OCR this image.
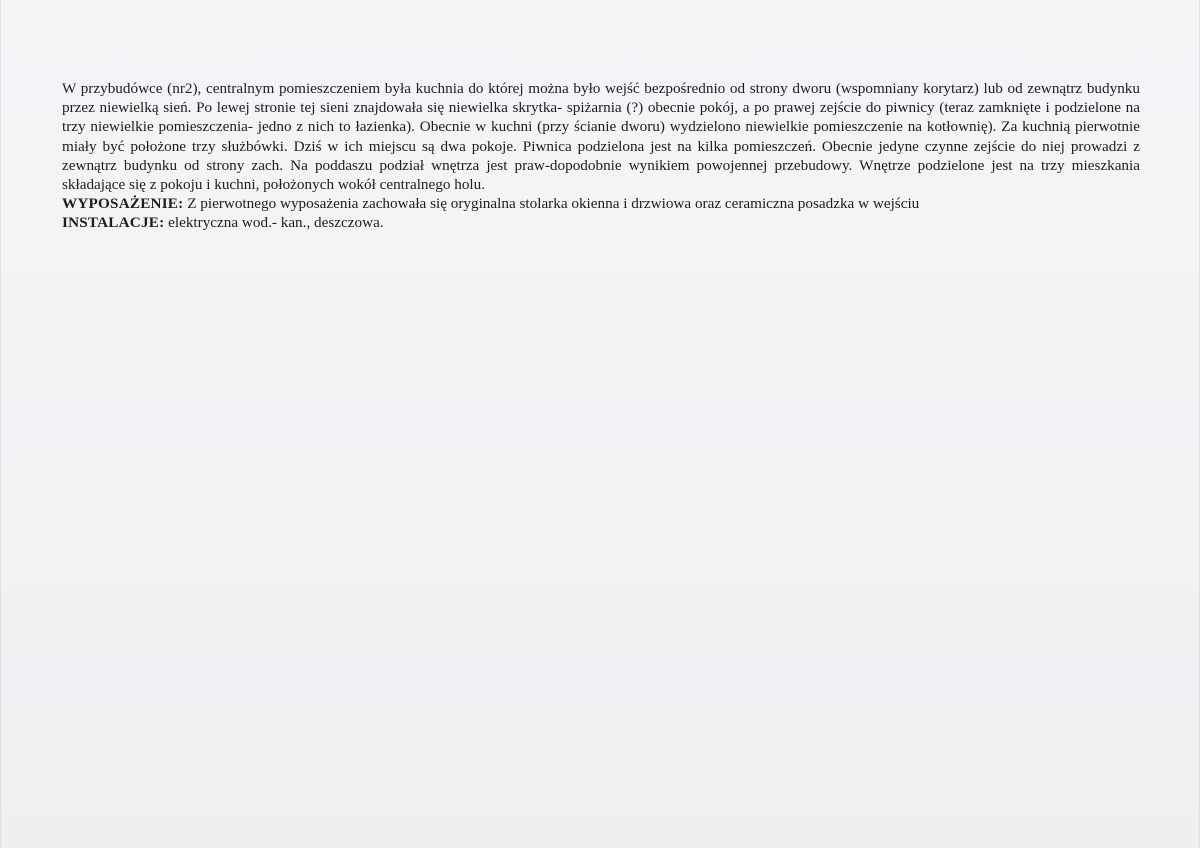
W przybudówce (nr2), centralnym pomieszczeniem była kuchnia do której można było wejść bezpośrednio od strony dworu (wspomniany korytarz) lub od zewnątrz budynku przez niewielką sień. Po lewej stronie tej sieni znajdowała się niewielka skrytka- spiżarnia (?) obecnie pokój, a po prawej zejście do piwnicy (teraz zamknięte i podzielone na trzy niewielkie pomieszczenia- jedno z nich to łazienka). Obecnie w kuchni (przy ścianie dworu) wydzielono niewielkie pomieszczenie na kotłownię). Za kuchnią pierwotnie miały być położone trzy służbówki. Dziś w ich miejscu są dwa pokoje. Piwnica podzielona jest na kilka pomieszczeń. Obecnie jedyne czynne zejście do niej prowadzi z zewnątrz budynku od strony zach. Na poddaszu podział wnętrza jest praw-dopodobnie wynikiem powojennej przebudowy. Wnętrze podzielone jest na trzy mieszkania składające się z pokoju i kuchni, położonych wokół centralnego holu.

WYPOSAŻENIE: Z pierwotnego wyposażenia zachowała się oryginalna stolarka okienna i drzwiowa oraz ceramiczna posadzka w wejściu

INSTALACJE: elektryczna wod.- kan., deszczowa.
